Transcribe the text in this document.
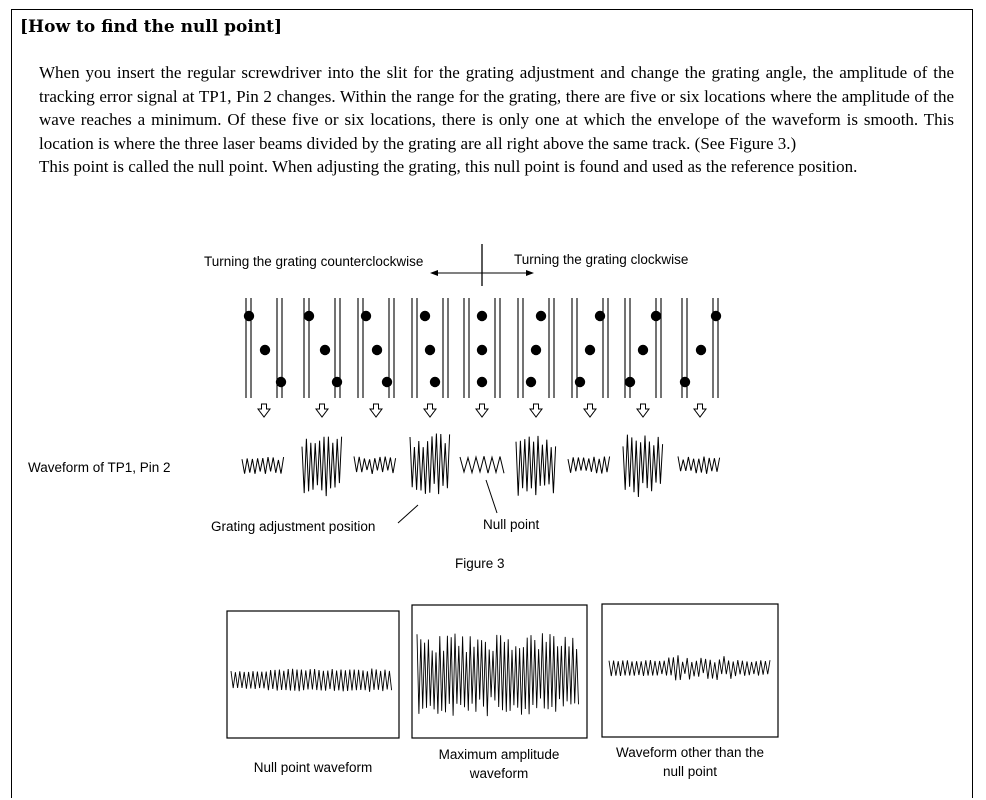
[How to find the null point]

When you insert the regular screwdriver into the slit for the grating adjustment and change the grating angle, the amplitude of the tracking error signal at TP1, Pin 2 changes. Within the range for the grating, there are five or six locations where the amplitude of the wave reaches a minimum. Of these five or six locations, there is only one at which the envelope of the waveform is smooth. This location is where the three laser beams divided by the grating are all right above the same track. (See Figure 3.)

This point is called the null point. When adjusting the grating, this null point is found and used as the reference position.

Turning the grating counterclockwise	Turning the grating clockwise
Waveform of TP1, Pin 2
Grating adjustment position	Null point
Figure 3
Null point waveform
Maximum amplitude
waveform
Waveform other than the
null point
